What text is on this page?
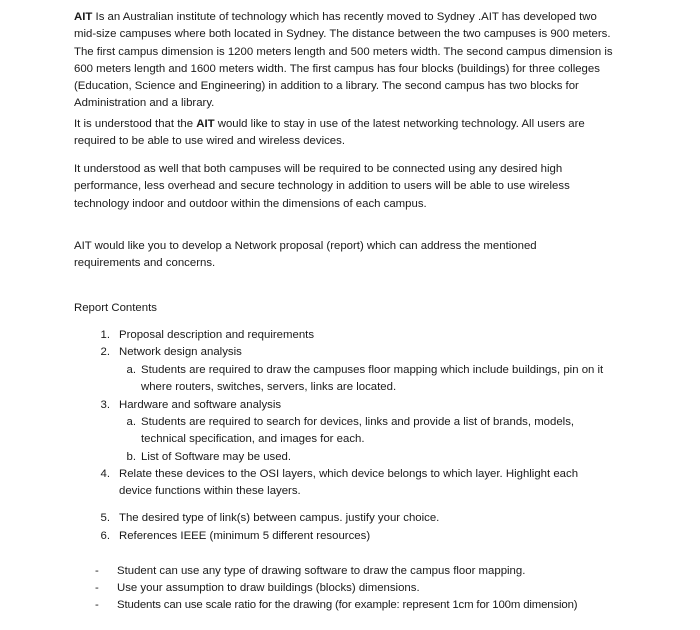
AIT Is an Australian institute of technology which has recently moved to Sydney .AIT has developed two mid-size campuses where both located in Sydney. The distance between the two campuses is 900 meters. The first campus dimension is 1200 meters length and 500 meters width. The second campus dimension is 600 meters length and 1600 meters width. The first campus has four blocks (buildings) for three colleges (Education, Science and Engineering) in addition to a library. The second campus has two blocks for Administration and a library.

It is understood that the AIT would like to stay in use of the latest networking technology. All users are required to be able to use wired and wireless devices.

It understood as well that both campuses will be required to be connected using any desired high performance, less overhead and secure technology in addition to users will be able to use wireless technology indoor and outdoor within the dimensions of each campus.

AIT would like you to develop a Network proposal (report) which can address the mentioned requirements and concerns.

Report Contents

1. Proposal description and requirements
2. Network design analysis
a. Students are required to draw the campuses floor mapping which include buildings, pin on it where routers, switches, servers, links are located.
3. Hardware and software analysis
a. Students are required to search for devices, links and provide a list of brands, models, technical specification, and images for each.
b. List of Software may be used.
4. Relate these devices to the OSI layers, which device belongs to which layer. Highlight each device functions within these layers.
5. The desired type of link(s) between campus. justify your choice.
6. References IEEE (minimum 5 different resources)
- Student can use any type of drawing software to draw the campus floor mapping.
- Use your assumption to draw buildings (blocks) dimensions.
- Students can use scale ratio for the drawing (for example: represent 1cm for 100m dimension)
